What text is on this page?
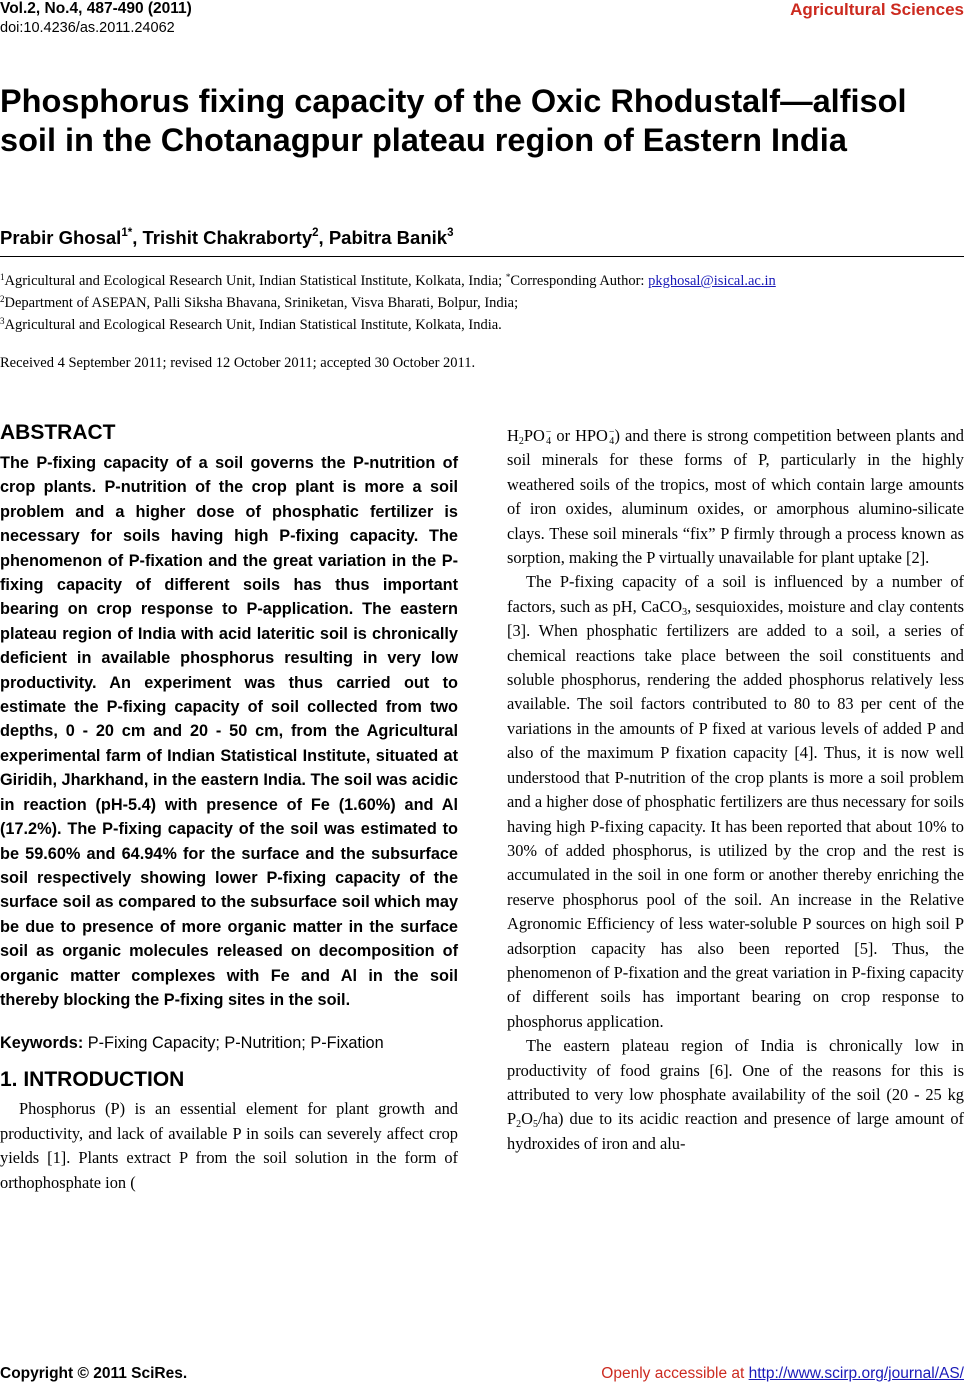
Vol.2, No.4, 487-490 (2011)
doi:10.4236/as.2011.24062
Agricultural Sciences
Phosphorus fixing capacity of the Oxic Rhodustalf—alfisol soil in the Chotanagpur plateau region of Eastern India
Prabir Ghosal$^{1*}$, Trishit Chakraborty$^2$, Pabitra Banik$^3$
$^1$Agricultural and Ecological Research Unit, Indian Statistical Institute, Kolkata, India; *Corresponding Author: pkghosal@isical.ac.in
$^2$Department of ASEPAN, Palli Siksha Bhavana, Sriniketan, Visva Bharati, Bolpur, India;
$^3$Agricultural and Ecological Research Unit, Indian Statistical Institute, Kolkata, India.
Received 4 September 2011; revised 12 October 2011; accepted 30 October 2011.
ABSTRACT

The P-fixing capacity of a soil governs the P-nutrition of crop plants. P-nutrition of the crop plant is more a soil problem and a higher dose of phosphatic fertilizer is necessary for soils having high P-fixing capacity. The phenomenon of P-fixation and the great variation in the P-fixing capacity of different soils has thus important bearing on crop response to P-application. The eastern plateau region of India with acid lateritic soil is chronically deficient in available phosphorus resulting in very low productivity. An experiment was thus carried out to estimate the P-fixing capacity of soil collected from two depths, 0 - 20 cm and 20 - 50 cm, from the Agricultural experimental farm of Indian Statistical Institute, situated at Giridih, Jharkhand, in the eastern India. The soil was acidic in reaction (pH-5.4) with presence of Fe (1.60%) and Al (17.2%). The P-fixing capacity of the soil was estimated to be 59.60% and 64.94% for the surface and the subsurface soil respectively showing lower P-fixing capacity of the surface soil as compared to the subsurface soil which may be due to presence of more organic matter in the surface soil as organic molecules released on decomposition of organic matter complexes with Fe and Al in the soil thereby blocking the P-fixing sites in the soil.

Keywords: P-Fixing Capacity; P-Nutrition; P-Fixation

1. INTRODUCTION

Phosphorus (P) is an essential element for plant growth and productivity, and lack of available P in soils can severely affect crop yields [1]. Plants extract P from the soil solution in the form of orthophosphate ion (

$H_2PO-$
4 or HPO−
4) and there is strong competition between plants and soil minerals for these forms of P, particularly in the highly weathered soils of the tropics, most of which contain large amounts of iron oxides, aluminum oxides, or amorphous alumino-silicate clays. These soil minerals “fix” P firmly through a process known as sorption, making the P virtually unavailable for plant uptake [2].

The P-fixing capacity of a soil is influenced by a number of factors, such as pH, CaCO$_3$, sesquioxides, moisture and clay contents [3]. When phosphatic fertilizers are added to a soil, a series of chemical reactions take place between the soil constituents and soluble phosphorus, rendering the added phosphorus relatively less available. The soil factors contributed to 80 to 83 per cent of the variations in the amounts of P fixed at various levels of added P and also of the maximum P fixation capacity [4]. Thus, it is now well understood that P-nutrition of the crop plants is more a soil problem and a higher dose of phosphatic fertilizers are thus necessary for soils having high P-fixing capacity. It has been reported that about 10% to 30% of added phosphorus, is utilized by the crop and the rest is accumulated in the soil in one form or another thereby enriching the reserve phosphorus pool of the soil. An increase in the Relative Agronomic Efficiency of less water-soluble P sources on high soil P adsorption capacity has also been reported [5]. Thus, the phenomenon of P-fixation and the great variation in P-fixing capacity of different soils has important bearing on crop response to phosphorus application.

The eastern plateau region of India is chronically low in productivity of food grains [6]. One of the reasons for this is attributed to very low phosphate availability of the soil (20 - 25 kg $P_2O_5/ha$) due to its acidic reaction and presence of large amount of hydroxides of iron and alu-

Copyright © 2011 SciRes.	Openly accessible at http://www.scirp.org/journal/AS/
